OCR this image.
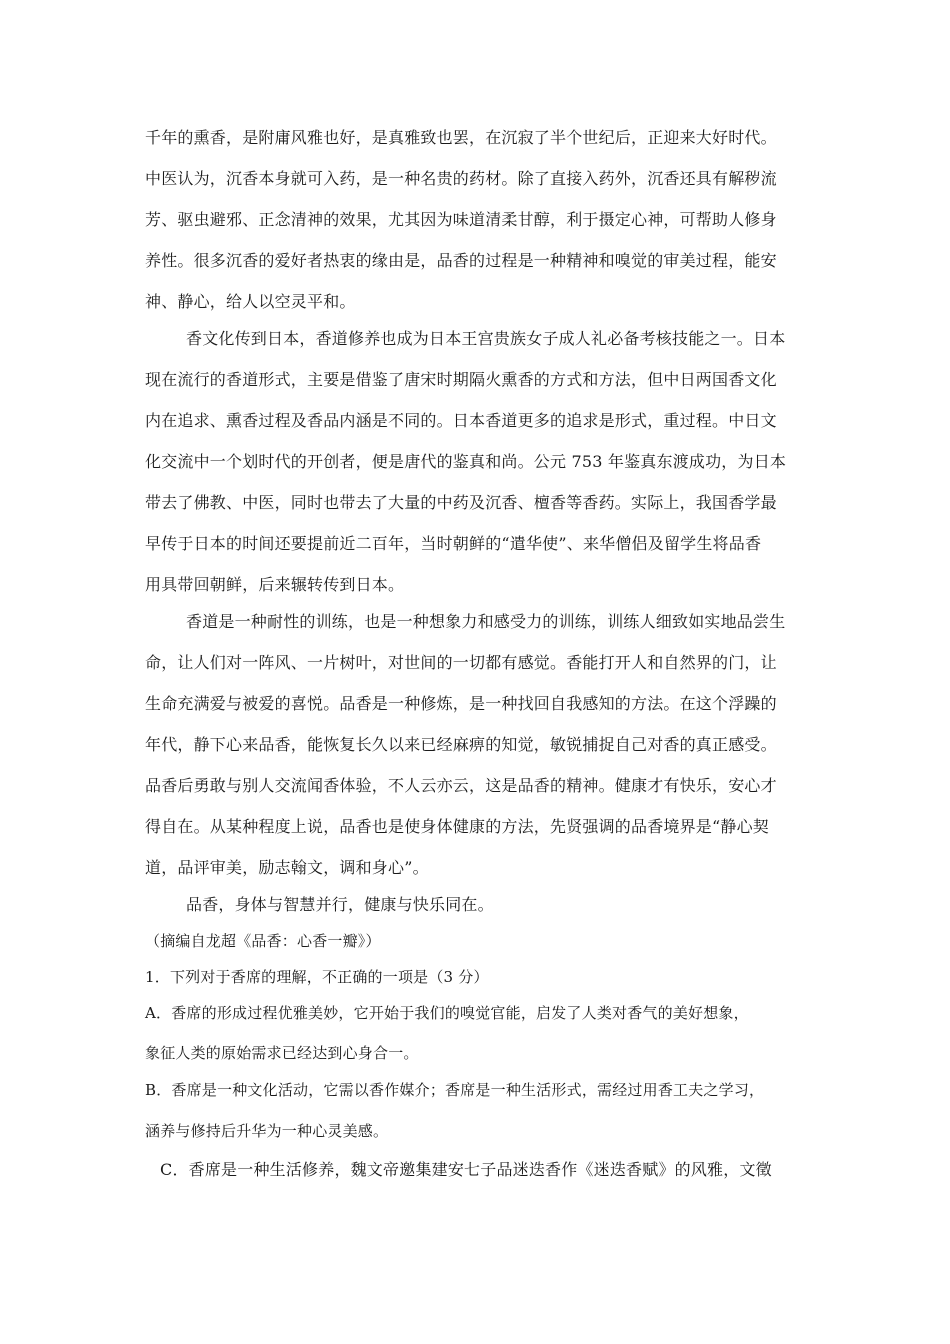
千年的熏香，是附庸风雅也好，是真雅致也罢，在沉寂了半个世纪后，正迎来大好时代。
中医认为，沉香本身就可入药，是一种名贵的药材。除了直接入药外，沉香还具有解秽流
芳、驱虫避邪、正念清神的效果，尤其因为味道清柔甘醇，利于摄定心神，可帮助人修身
养性。很多沉香的爱好者热衷的缘由是，品香的过程是一种精神和嗅觉的审美过程，能安
神、静心，给人以空灵平和。
香文化传到日本，香道修养也成为日本王宫贵族女子成人礼必备考核技能之一。日本
现在流行的香道形式，主要是借鉴了唐宋时期隔火熏香的方式和方法，但中日两国香文化
内在追求、熏香过程及香品内涵是不同的。日本香道更多的追求是形式，重过程。中日文
化交流中一个划时代的开创者，便是唐代的鉴真和尚。公元 753 年鉴真东渡成功，为日本
带去了佛教、中医，同时也带去了大量的中药及沉香、檀香等香药。实际上，我国香学最
早传于日本的时间还要提前近二百年，当时朝鲜的“遣华使”、来华僧侣及留学生将品香
用具带回朝鲜，后来辗转传到日本。
香道是一种耐性的训练，也是一种想象力和感受力的训练，训练人细致如实地品尝生
命，让人们对一阵风、一片树叶，对世间的一切都有感觉。香能打开人和自然界的门，让
生命充满爱与被爱的喜悦。品香是一种修炼，是一种找回自我感知的方法。在这个浮躁的
年代，静下心来品香，能恢复长久以来已经麻痹的知觉，敏锐捕捉自己对香的真正感受。
品香后勇敢与别人交流闻香体验，不人云亦云，这是品香的精神。健康才有快乐，安心才
得自在。从某种程度上说，品香也是使身体健康的方法，先贤强调的品香境界是“静心契
道，品评审美，励志翰文，调和身心”。
品香，身体与智慧并行，健康与快乐同在。
（摘编自龙超《品香：心香一瓣》）
1．下列对于香席的理解，不正确的一项是（3 分）
A．香席的形成过程优雅美妙，它开始于我们的嗅觉官能，启发了人类对香气的美好想象，
象征人类的原始需求已经达到心身合一。
B．香席是一种文化活动，它需以香作媒介；香席是一种生活形式，需经过用香工夫之学习，
涵养与修持后升华为一种心灵美感。
C．香席是一种生活修养，魏文帝邀集建安七子品迷迭香作《迷迭香赋》的风雅，文徵
